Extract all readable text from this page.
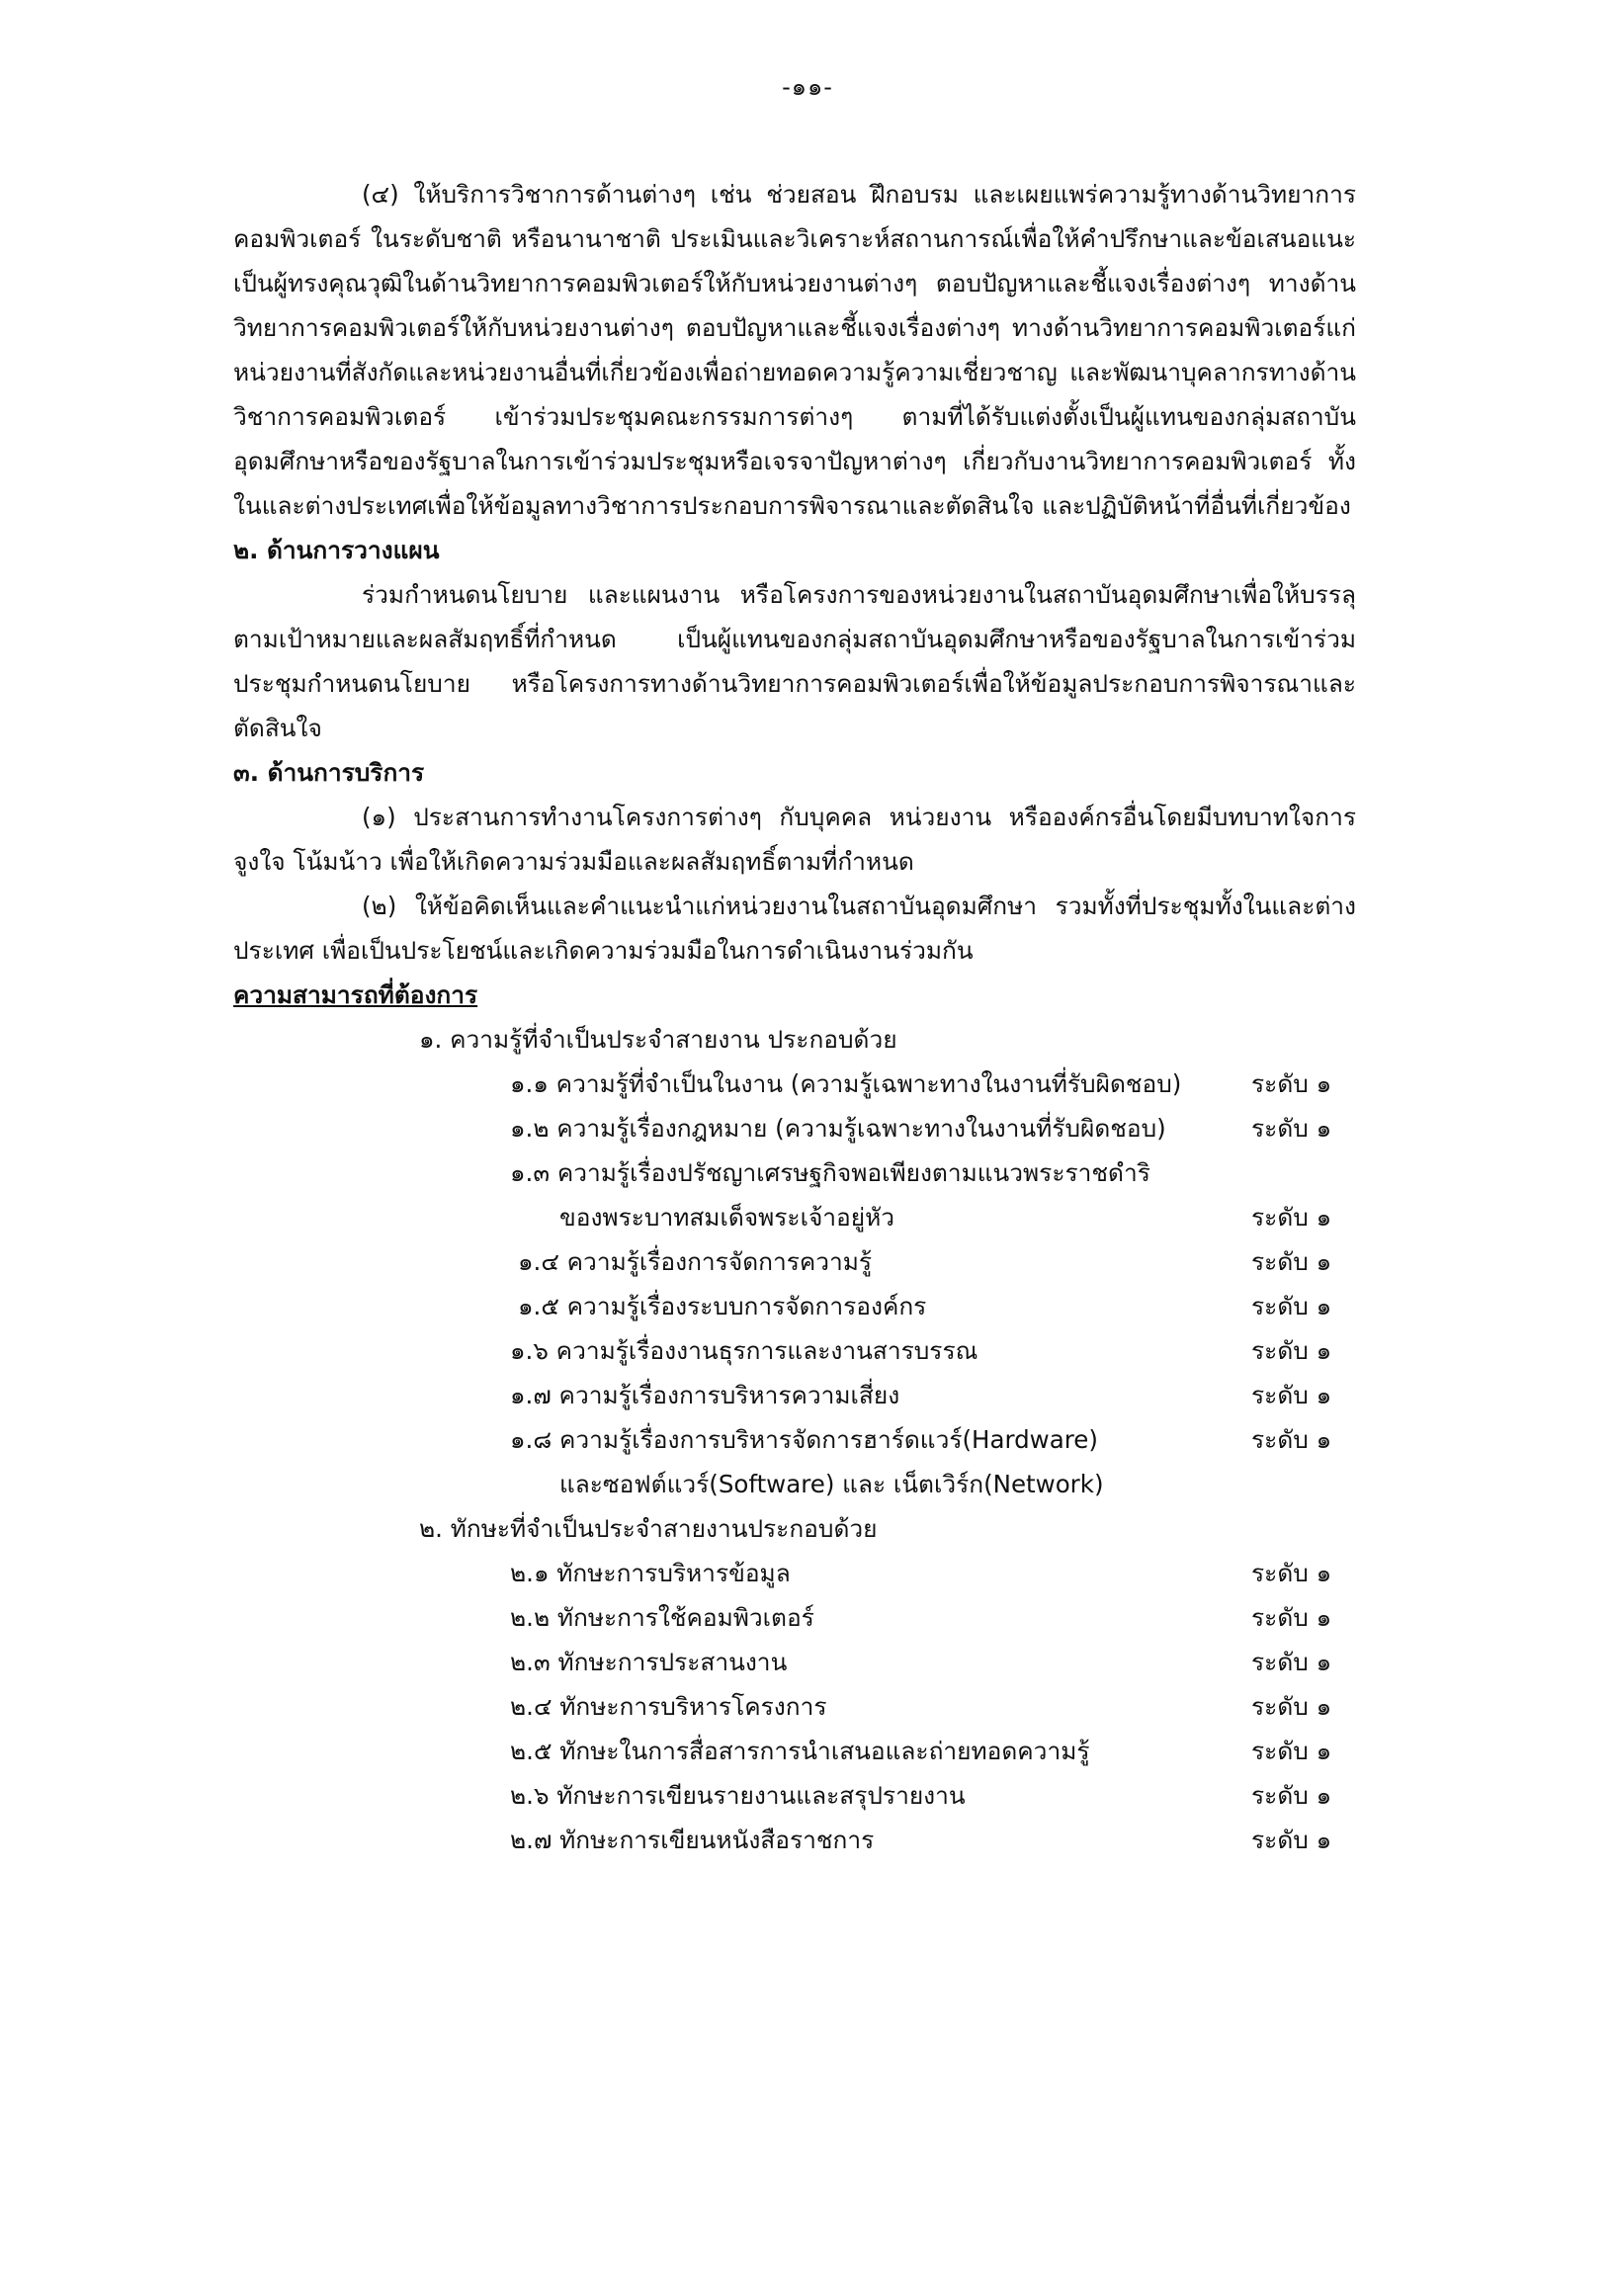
-๑๑-

(๔) ให้บริการวิชาการด้านต่างๆ เช่น ช่วยสอน ฝึกอบรม และเผยแพร่ความรู้ทางด้านวิทยาการคอมพิวเตอร์ ในระดับชาติ หรือนานาชาติ ประเมินและวิเคราะห์สถานการณ์เพื่อให้คำปรึกษาและข้อเสนอแนะ เป็นผู้ทรงคุณวุฒิในด้านวิทยาการคอมพิวเตอร์ให้กับหน่วยงานต่างๆ ตอบปัญหาและชี้แจงเรื่องต่างๆ ทางด้านวิทยาการคอมพิวเตอร์ให้กับหน่วยงานต่างๆ ตอบปัญหาและชี้แจงเรื่องต่างๆ ทางด้านวิทยาการคอมพิวเตอร์แก่หน่วยงานที่สังกัดและหน่วยงานอื่นที่เกี่ยวข้องเพื่อถ่ายทอดความรู้ความเชี่ยวชาญ และพัฒนาบุคลากรทางด้านวิชาการคอมพิวเตอร์ เข้าร่วมประชุมคณะกรรมการต่างๆ ตามที่ได้รับแต่งตั้งเป็นผู้แทนของกลุ่มสถาบันอุดมศึกษาหรือของรัฐบาลในการเข้าร่วมประชุมหรือเจรจาปัญหาต่างๆ เกี่ยวกับงานวิทยาการคอมพิวเตอร์ ทั้งในและต่างประเทศเพื่อให้ข้อมูลทางวิชาการประกอบการพิจารณาและตัดสินใจ และปฏิบัติหน้าที่อื่นที่เกี่ยวข้อง

๒. ด้านการวางแผน

ร่วมกำหนดนโยบาย และแผนงาน หรือโครงการของหน่วยงานในสถาบันอุดมศึกษาเพื่อให้บรรลุตามเป้าหมายและผลสัมฤทธิ์ที่กำหนด เป็นผู้แทนของกลุ่มสถาบันอุดมศึกษาหรือของรัฐบาลในการเข้าร่วมประชุมกำหนดนโยบาย หรือโครงการทางด้านวิทยาการคอมพิวเตอร์เพื่อให้ข้อมูลประกอบการพิจารณาและตัดสินใจ

๓. ด้านการบริการ

(๑) ประสานการทำงานโครงการต่างๆ กับบุคคล หน่วยงาน หรือองค์กรอื่นโดยมีบทบาทใจการจูงใจ โน้มน้าว เพื่อให้เกิดความร่วมมือและผลสัมฤทธิ์ตามที่กำหนด

(๒) ให้ข้อคิดเห็นและคำแนะนำแก่หน่วยงานในสถาบันอุดมศึกษา รวมทั้งที่ประชุมทั้งในและต่างประเทศ เพื่อเป็นประโยชน์และเกิดความร่วมมือในการดำเนินงานร่วมกัน

ความสามารถที่ต้องการ

๑. ความรู้ที่จำเป็นประจำสายงาน ประกอบด้วย

๑.๑ ความรู้ที่จำเป็นในงาน (ความรู้เฉพาะทางในงานที่รับผิดชอบ)	ระดับ ๑
๑.๒ ความรู้เรื่องกฎหมาย (ความรู้เฉพาะทางในงานที่รับผิดชอบ)	ระดับ ๑
๑.๓ ความรู้เรื่องปรัชญาเศรษฐกิจพอเพียงตามแนวพระราชดำริ
ของพระบาทสมเด็จพระเจ้าอยู่หัว	ระดับ ๑
๑.๔ ความรู้เรื่องการจัดการความรู้	ระดับ ๑
๑.๕ ความรู้เรื่องระบบการจัดการองค์กร	ระดับ ๑
๑.๖ ความรู้เรื่องงานธุรการและงานสารบรรณ	ระดับ ๑
๑.๗ ความรู้เรื่องการบริหารความเสี่ยง	ระดับ ๑
๑.๘ ความรู้เรื่องการบริหารจัดการฮาร์ดแวร์(Hardware)	ระดับ ๑

และซอฟต์แวร์(Software) และ เน็ตเวิร์ก(Network)

๒. ทักษะที่จำเป็นประจำสายงานประกอบด้วย

๒.๑ ทักษะการบริหารข้อมูล	ระดับ ๑
๒.๒ ทักษะการใช้คอมพิวเตอร์	ระดับ ๑
๒.๓ ทักษะการประสานงาน	ระดับ ๑
๒.๔ ทักษะการบริหารโครงการ	ระดับ ๑
๒.๕ ทักษะในการสื่อสารการนำเสนอและถ่ายทอดความรู้	ระดับ ๑
๒.๖ ทักษะการเขียนรายงานและสรุปรายงาน	ระดับ ๑
๒.๗ ทักษะการเขียนหนังสือราชการ	ระดับ ๑
